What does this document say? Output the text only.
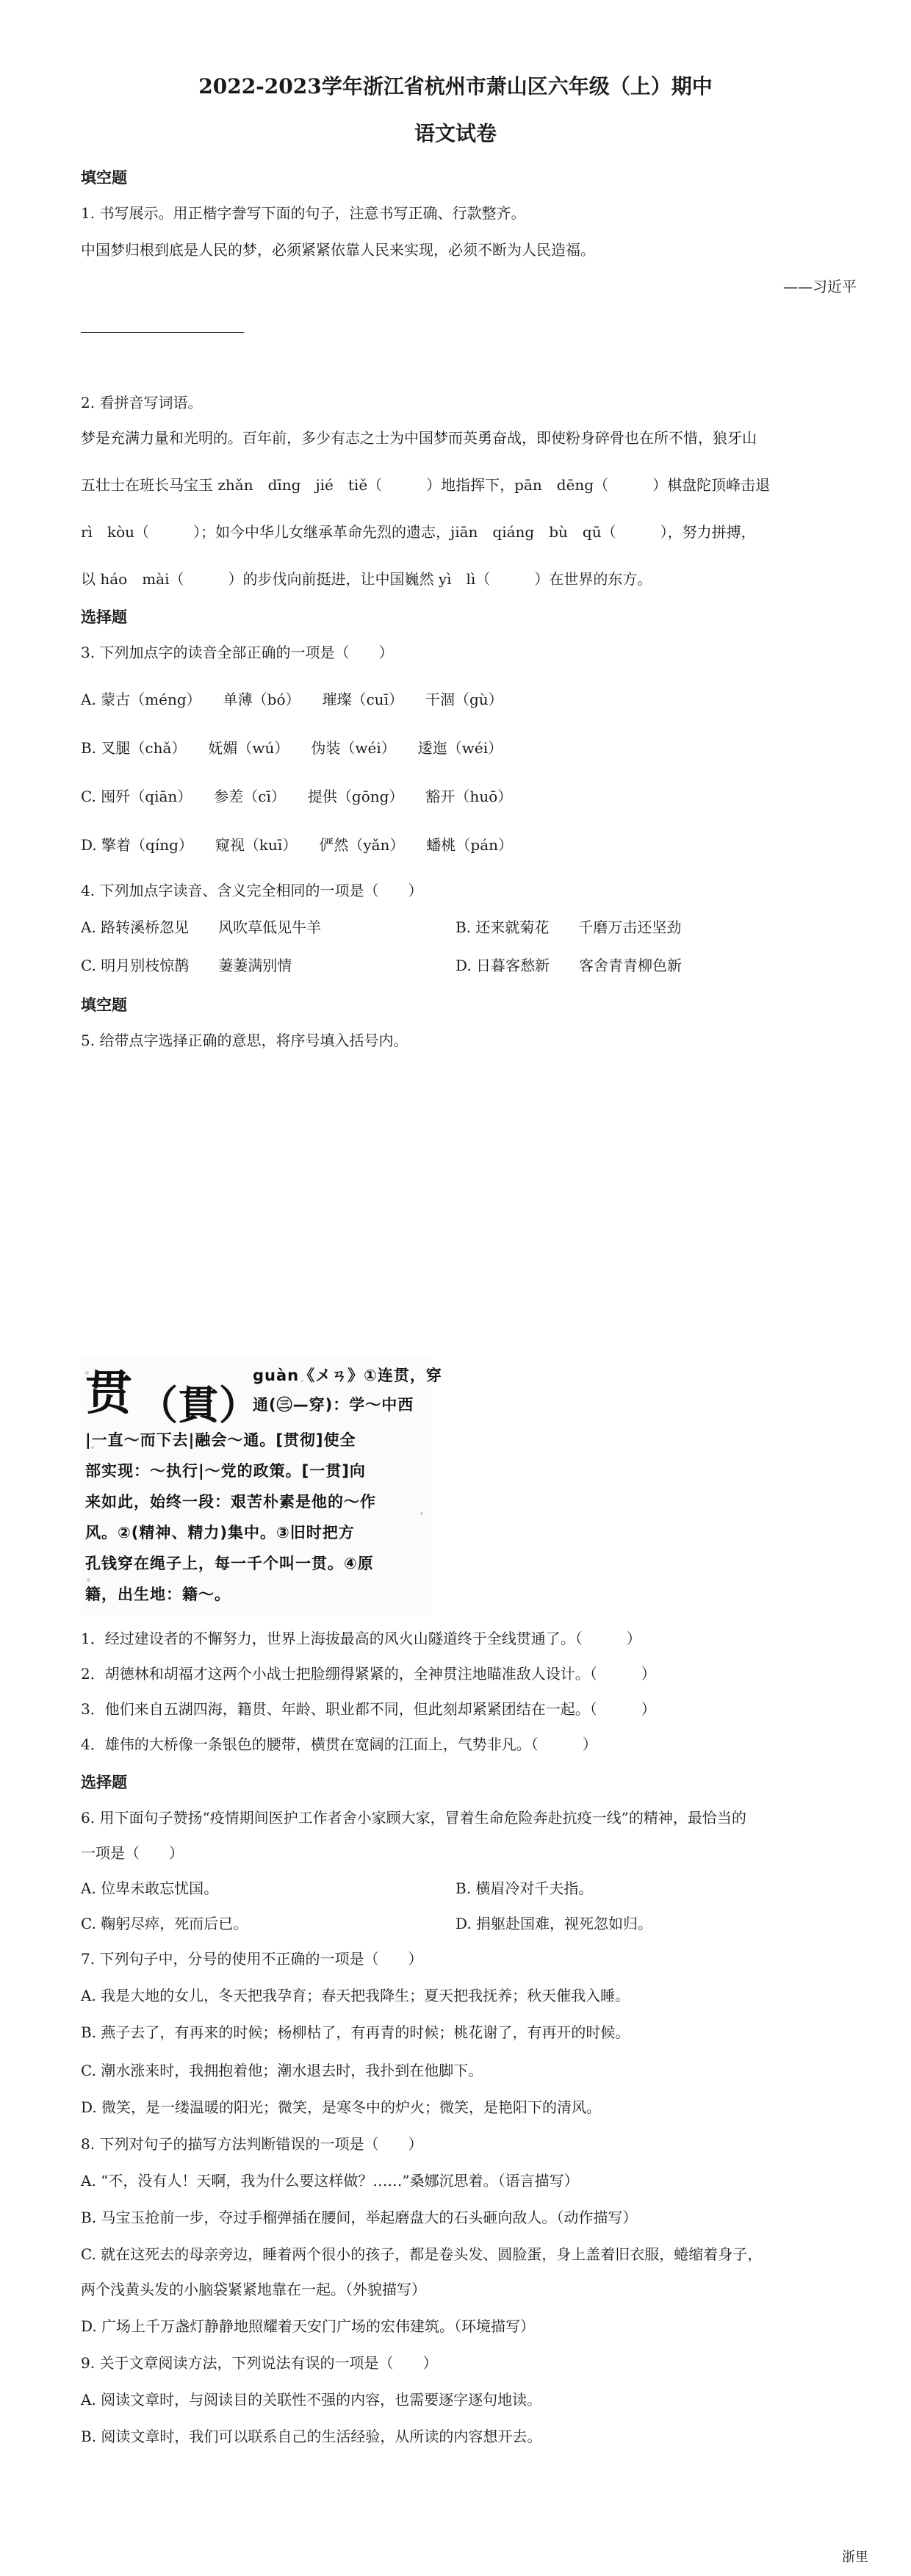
2022-2023学年浙江省杭州市萧山区六年级（上）期中
语文试卷
填空题
1. 书写展示。用正楷字誊写下面的句子，注意书写正确、行款整齐。
中国梦归根到底是人民的梦，必须紧紧依靠人民来实现，必须不断为人民造福。
——习近平
2. 看拼音写词语。
梦是充满力量和光明的。百年前，多少有志之士为中国梦而英勇奋战，即使粉身碎骨也在所不惜，狼牙山
五壮士在班长马宝玉 zhǎn　dīng　jié　tiě（　　　）地指挥下，pān　dēng（　　　）棋盘陀顶峰击退
rì　kòu（　　　）；如今中华儿女继承革命先烈的遗志，jiān　qiáng　bù　qū（　　　），努力拼搏，
以 háo　mài（　　　）的步伐向前挺进，让中国巍然 yì　lì（　　　）在世界的东方。
选择题
3. 下列加点字的读音全部正确的一项是（　　）
A. 蒙古（méng）　　单薄（bó）　　璀璨（cuī）　　干涸（gù）
B. 叉腿（chǎ）　　妩媚（wú）　　伪装（wéi）　　逶迤（wéi）
C. 囤歼（qiān）　　参差（cī）　　提供（gōng）　　豁开（huō）
D. 擎着（qíng）　　窥视（kuī）　　俨然（yǎn）　　蟠桃（pán）
4. 下列加点字读音、含义完全相同的一项是（　　）
A. 路转溪桥忽见　　风吹草低见牛羊	B. 还来就菊花　　千磨万击还坚劲
C. 明月别枝惊鹊　　萋萋满别情	D. 日暮客愁新　　客舍青青柳色新
填空题
5. 给带点字选择正确的意思，将序号填入括号内。
贯 （貫）
guàn《メㄢ》①连贯，穿
通(㊂—穿)：学～中西
|一直～而下去|融会～通。[贯彻]使全
部实现：～执行|～党的政策。[一贯]向
来如此，始终一段：艰苦朴素是他的～作
风。②(精神、精力)集中。③旧时把方
孔钱穿在绳子上，每一千个叫一贯。④原
籍，出生地：籍～。
1．经过建设者的不懈努力，世界上海拔最高的风火山隧道终于全线贯通了。（　　　）
2．胡德林和胡福才这两个小战士把脸绷得紧紧的，全神贯注地瞄准敌人设计。（　　　）
3．他们来自五湖四海，籍贯、年龄、职业都不同，但此刻却紧紧团结在一起。（　　　）
4．雄伟的大桥像一条银色的腰带，横贯在宽阔的江面上，气势非凡。（　　　）
选择题
6. 用下面句子赞扬“疫情期间医护工作者舍小家顾大家，冒着生命危险奔赴抗疫一线”的精神，最恰当的
一项是（　　）
A. 位卑未敢忘忧国。	B. 横眉冷对千夫指。
C. 鞠躬尽瘁，死而后已。	D. 捐躯赴国难，视死忽如归。
7. 下列句子中，分号的使用不正确的一项是（　　）
A. 我是大地的女儿，冬天把我孕育；春天把我降生；夏天把我抚养；秋天催我入睡。
B. 燕子去了，有再来的时候；杨柳枯了，有再青的时候；桃花谢了，有再开的时候。
C. 潮水涨来时，我拥抱着他；潮水退去时，我扑到在他脚下。
D. 微笑，是一缕温暖的阳光；微笑，是寒冬中的炉火；微笑，是艳阳下的清风。
8. 下列对句子的描写方法判断错误的一项是（　　）
A. “不，没有人！天啊，我为什么要这样做？……”桑娜沉思着。（语言描写）
B. 马宝玉抢前一步，夺过手榴弹插在腰间，举起磨盘大的石头砸向敌人。（动作描写）
C. 就在这死去的母亲旁边，睡着两个很小的孩子，都是卷头发、圆脸蛋，身上盖着旧衣服，蜷缩着身子，
两个浅黄头发的小脑袋紧紧地靠在一起。（外貌描写）
D. 广场上千万盏灯静静地照耀着天安门广场的宏伟建筑。（环境描写）
9. 关于文章阅读方法，下列说法有误的一项是（　　）
A. 阅读文章时，与阅读目的关联性不强的内容，也需要逐字逐句地读。
B. 阅读文章时，我们可以联系自己的生活经验，从所读的内容想开去。
浙里
